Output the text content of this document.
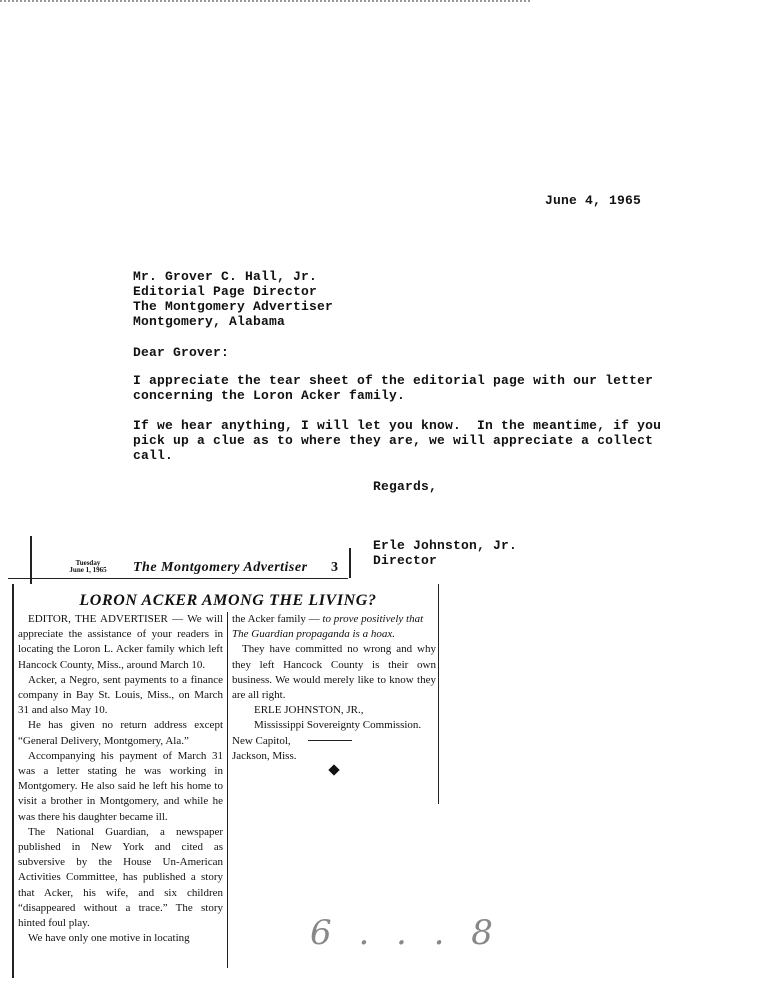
June 4, 1965
Mr. Grover C. Hall, Jr.
Editorial Page Director
The Montgomery Advertiser
Montgomery, Alabama
Dear Grover:
I appreciate the tear sheet of the editorial page with our letter
concerning the Loron Acker family.
If we hear anything, I will let you know.  In the meantime, if you
pick up a clue as to where they are, we will appreciate a collect
call.
Regards,
Erle Johnston, Jr.
Director
Tuesday
June 1, 1965	The Montgomery Advertiser 3
LORON ACKER AMONG THE LIVING?

EDITOR, THE ADVERTISER — We will appreciate the assistance of your readers in locating the Loron L. Acker family which left Hancock County, Miss., around March 10.

Acker, a Negro, sent payments to a finance company in Bay St. Louis, Miss., on March 31 and also May 10.

He has given no return address except “General Delivery, Montgomery, Ala.”

Accompanying his payment of March 31 was a letter stating he was working in Montgomery. He also said he left his home to visit a brother in Montgomery, and while he was there his daughter became ill.

The National Guardian, a newspaper published in New York and cited as subversive by the House Un-American Activities Committee, has published a story that Acker, his wife, and six children “disappeared without a trace.” The story hinted foul play.

We have only one motive in locating

the Acker family — to prove positively that The Guardian propaganda is a hoax.

They have committed no wrong and why they left Hancock County is their own business. We would merely like to know they are all right.

ERLE JOHNSTON, JR.,

Mississippi Sovereignty Commission.

New Capitol,

Jackson, Miss.

6 . . . 8
